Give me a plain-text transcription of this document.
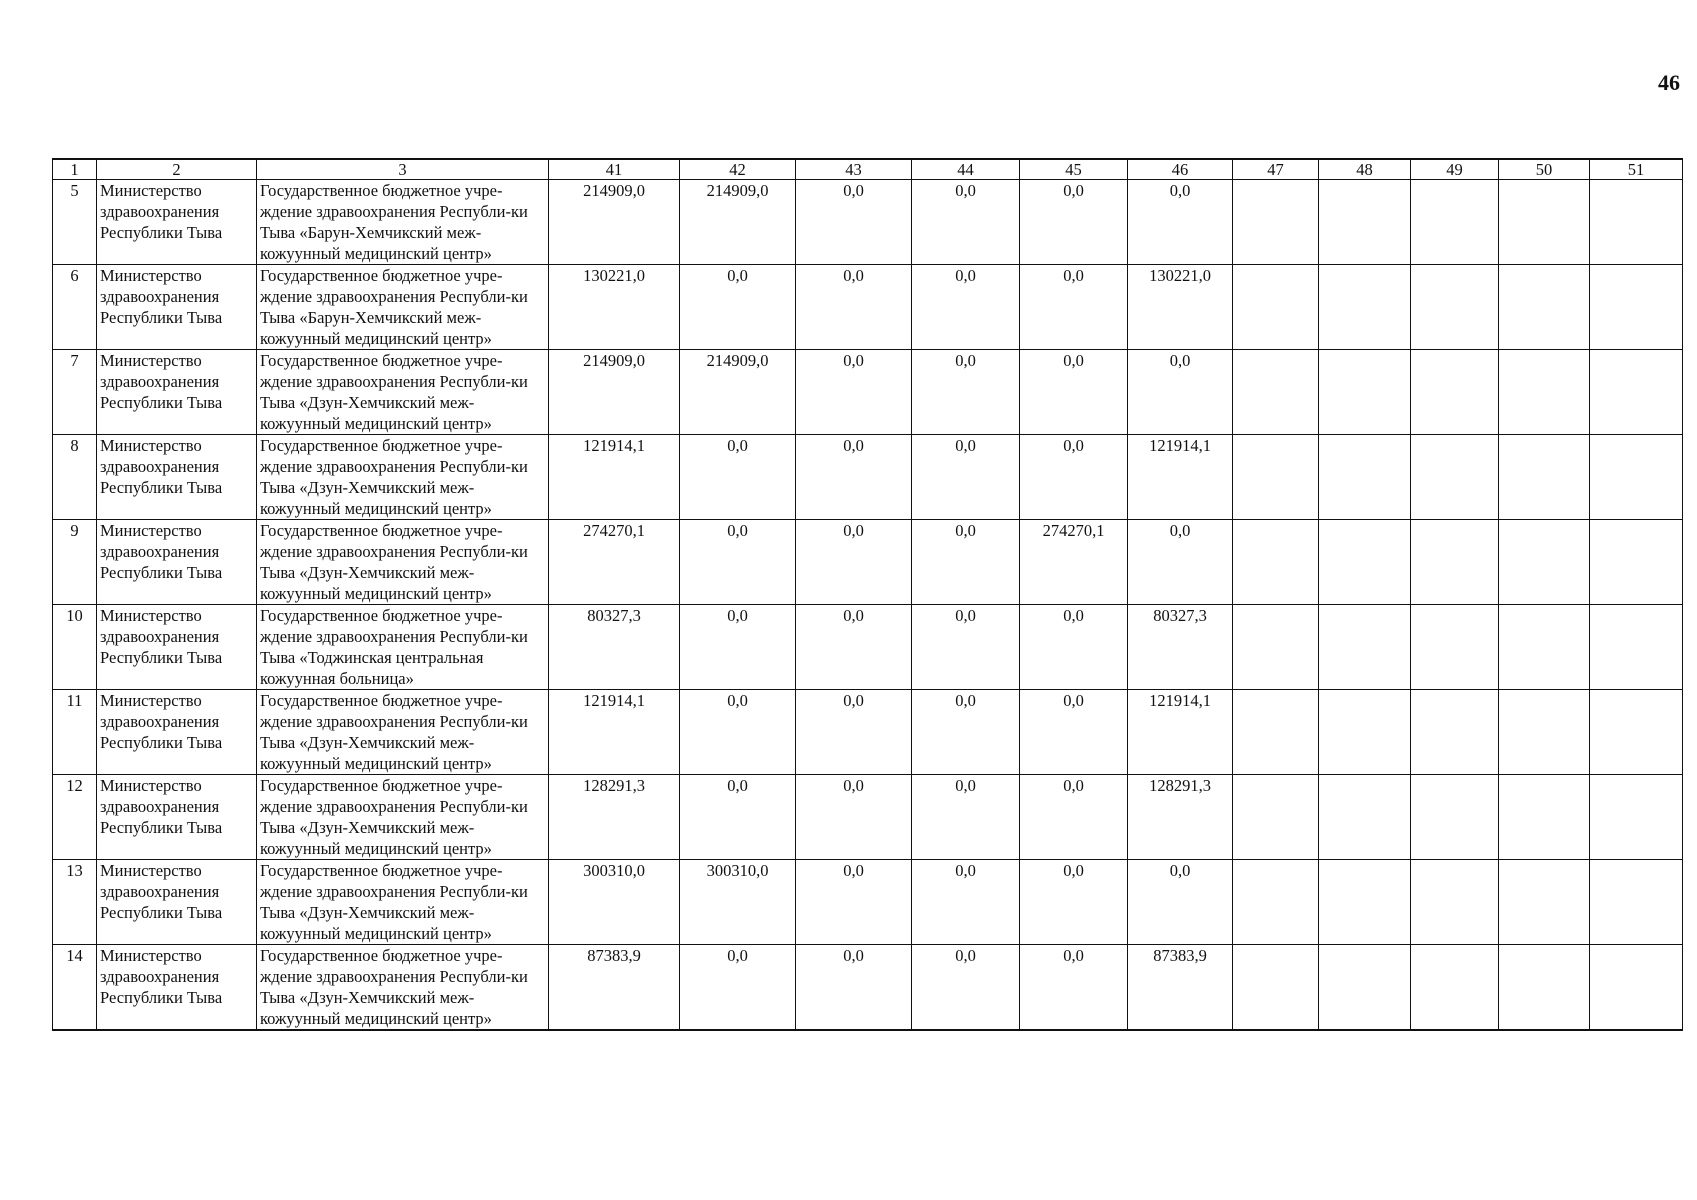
46
1	2	3	41	42	43	44	45	46	47	48	49	50	51
5	Министерство здравоохранения Республики Тыва	Государственное бюджетное учре-ждение здравоохранения Республи-ки Тыва «Барун-Хемчикский меж-кожуунный медицинский центр»	214909,0	214909,0	0,0	0,0	0,0	0,0					
6	Министерство здравоохранения Республики Тыва	Государственное бюджетное учре-ждение здравоохранения Республи-ки Тыва «Барун-Хемчикский меж-кожуунный медицинский центр»	130221,0	0,0	0,0	0,0	0,0	130221,0					
7	Министерство здравоохранения Республики Тыва	Государственное бюджетное учре-ждение здравоохранения Республи-ки Тыва «Дзун-Хемчикский меж-кожуунный медицинский центр»	214909,0	214909,0	0,0	0,0	0,0	0,0					
8	Министерство здравоохранения Республики Тыва	Государственное бюджетное учре-ждение здравоохранения Республи-ки Тыва «Дзун-Хемчикский меж-кожуунный медицинский центр»	121914,1	0,0	0,0	0,0	0,0	121914,1					
9	Министерство здравоохранения Республики Тыва	Государственное бюджетное учре-ждение здравоохранения Республи-ки Тыва «Дзун-Хемчикский меж-кожуунный медицинский центр»	274270,1	0,0	0,0	0,0	274270,1	0,0					
10	Министерство здравоохранения Республики Тыва	Государственное бюджетное учре-ждение здравоохранения Республи-ки Тыва «Тоджинская центральная кожуунная больница»	80327,3	0,0	0,0	0,0	0,0	80327,3					
11	Министерство здравоохранения Республики Тыва	Государственное бюджетное учре-ждение здравоохранения Республи-ки Тыва «Дзун-Хемчикский меж-кожуунный медицинский центр»	121914,1	0,0	0,0	0,0	0,0	121914,1					
12	Министерство здравоохранения Республики Тыва	Государственное бюджетное учре-ждение здравоохранения Республи-ки Тыва «Дзун-Хемчикский меж-кожуунный медицинский центр»	128291,3	0,0	0,0	0,0	0,0	128291,3					
13	Министерство здравоохранения Республики Тыва	Государственное бюджетное учре-ждение здравоохранения Республи-ки Тыва «Дзун-Хемчикский меж-кожуунный медицинский центр»	300310,0	300310,0	0,0	0,0	0,0	0,0					
14	Министерство здравоохранения Республики Тыва	Государственное бюджетное учре-ждение здравоохранения Республи-ки Тыва «Дзун-Хемчикский меж-кожуунный медицинский центр»	87383,9	0,0	0,0	0,0	0,0	87383,9					
